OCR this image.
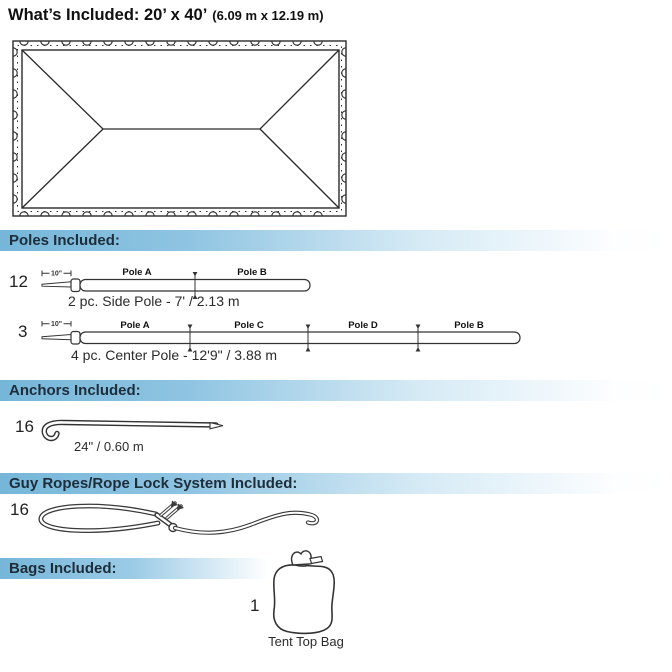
What’s Included: 20’ x 40’ (6.09 m x 12.19 m)
Poles Included:
12	10"	Pole A	Pole B
2 pc. Side Pole - 7' / 2.13 m
3	10"	Pole A	Pole C	Pole D	Pole B
4 pc. Center Pole - 12'9" / 3.88 m
Anchors Included:
16
24" / 0.60 m
Guy Ropes/Rope Lock System Included:
16
Bags Included:
1
Tent Top Bag
